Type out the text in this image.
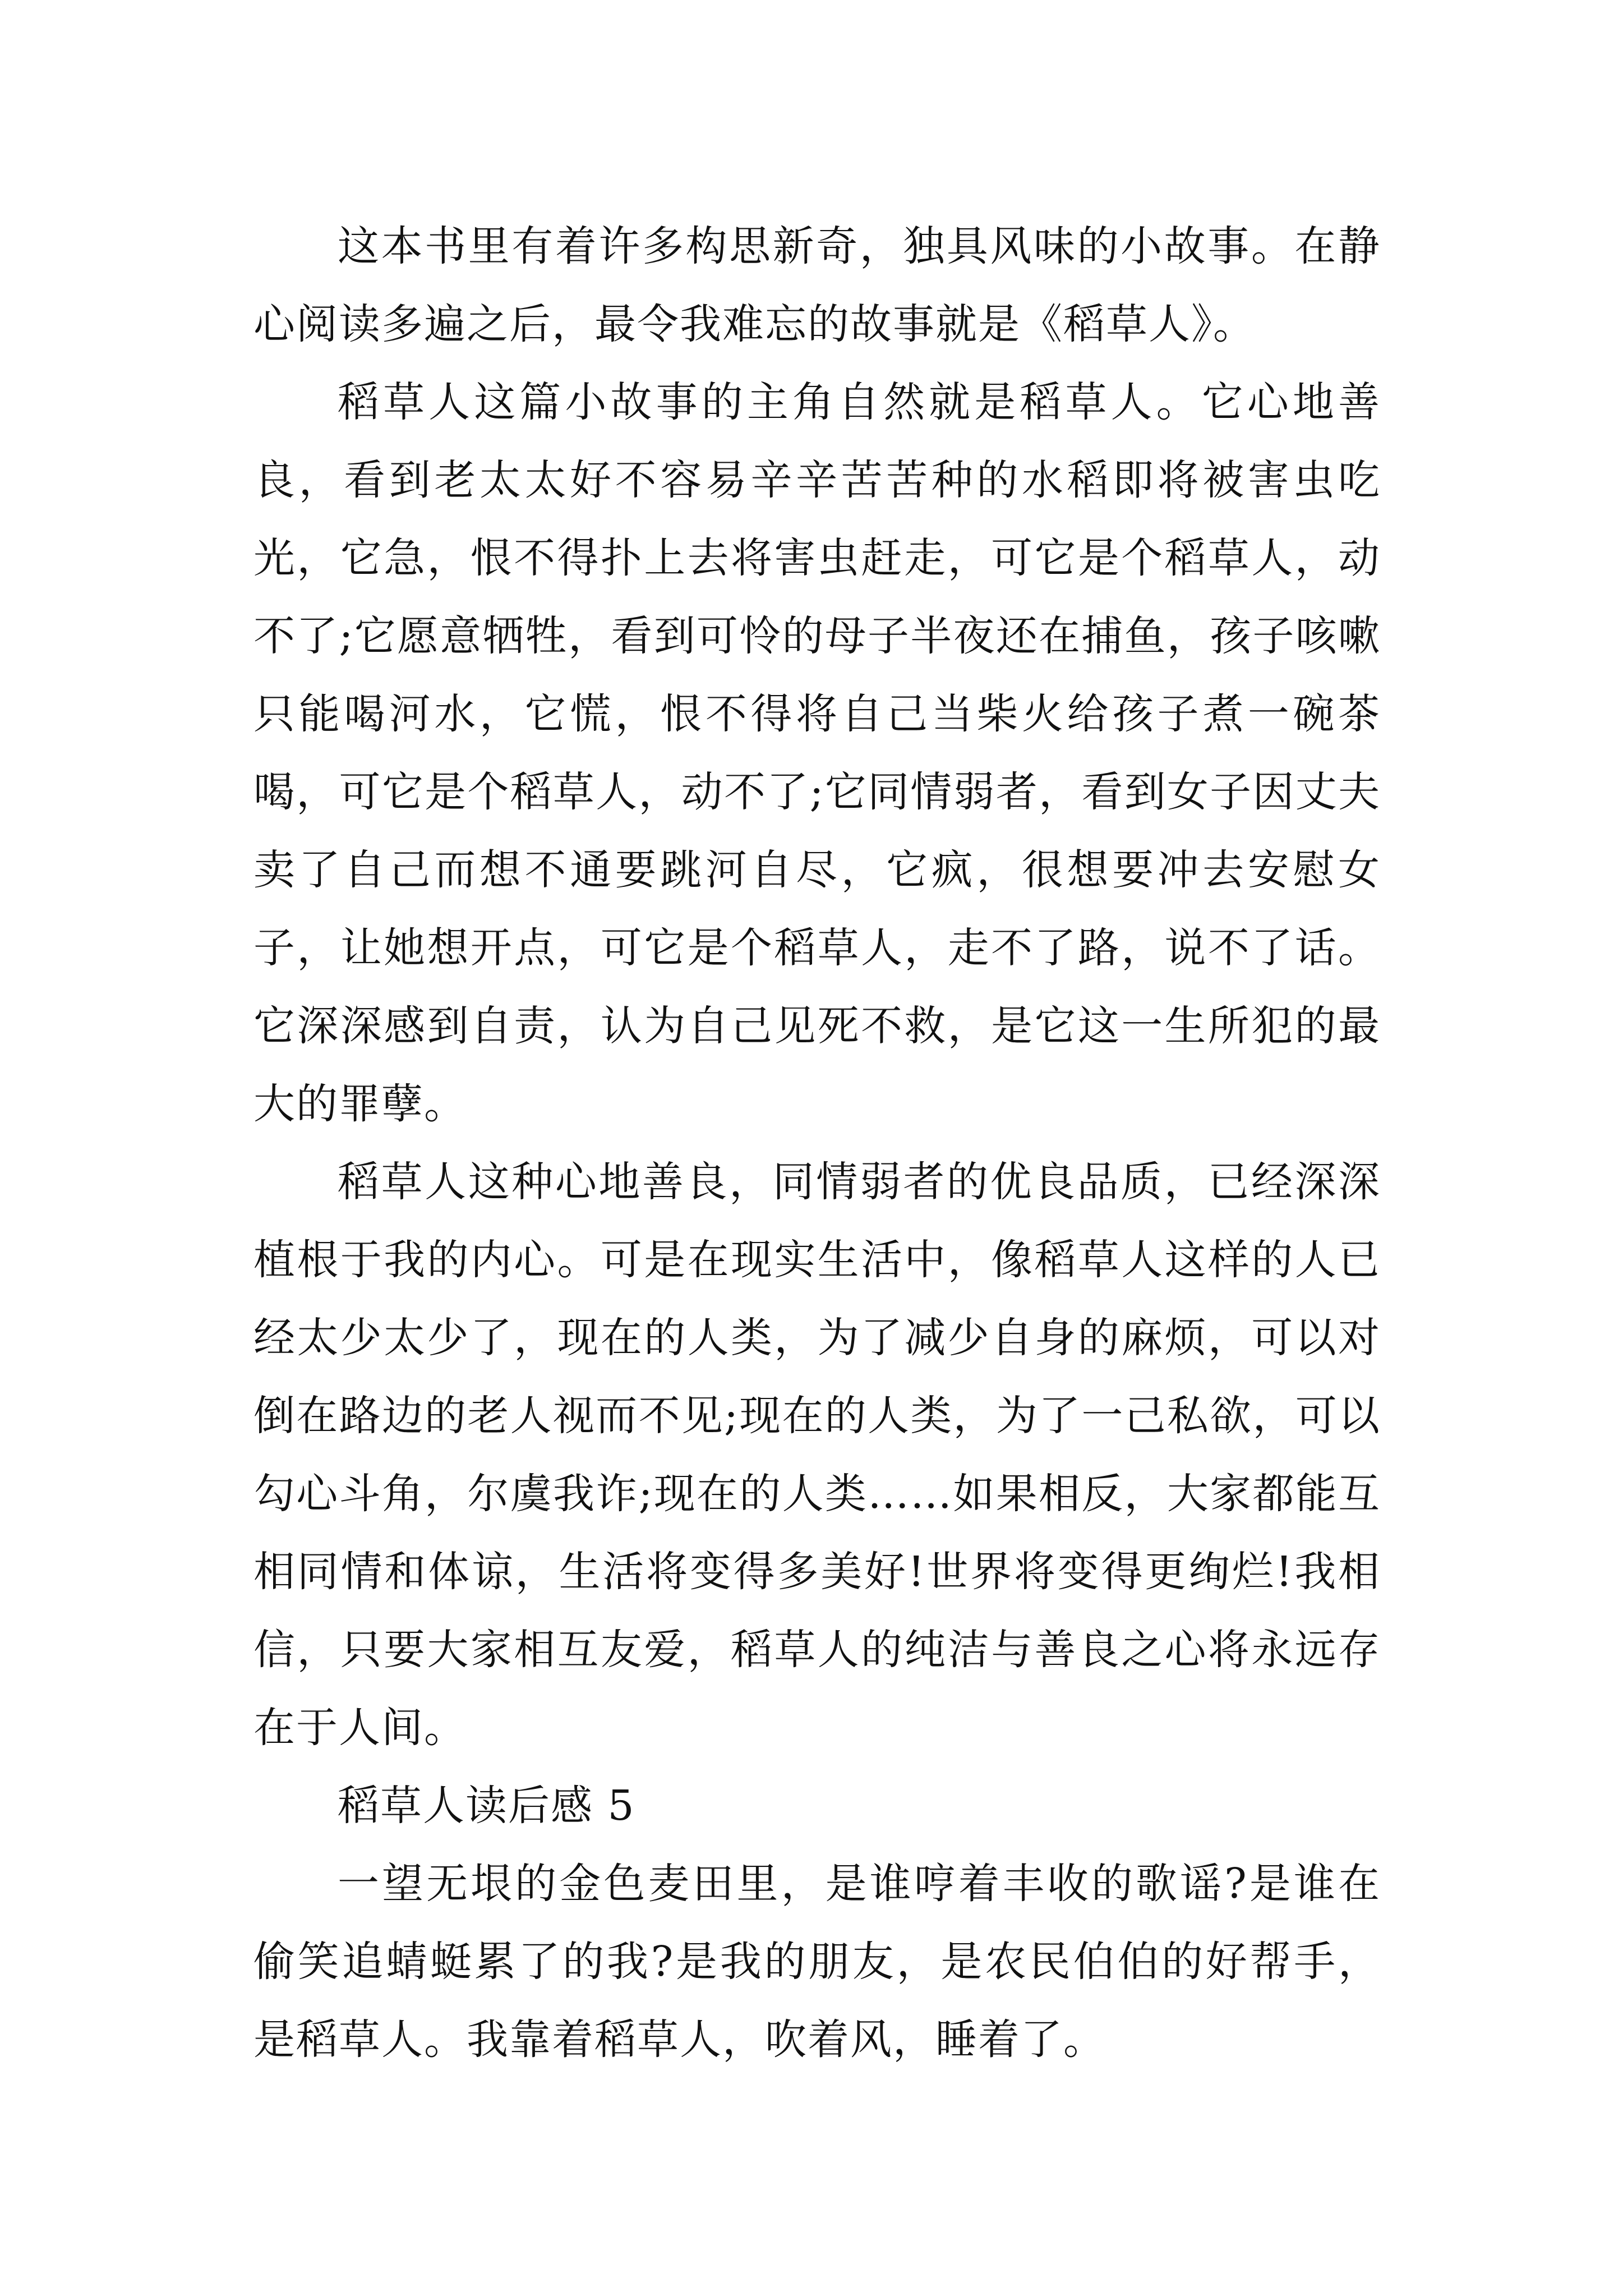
这本书里有着许多构思新奇，独具风味的小故事。在静心阅读多遍之后，最令我难忘的故事就是《稻草人》。

稻草人这篇小故事的主角自然就是稻草人。它心地善良，看到老太太好不容易辛辛苦苦种的水稻即将被害虫吃光，它急，恨不得扑上去将害虫赶走，可它是个稻草人，动不了;它愿意牺牲，看到可怜的母子半夜还在捕鱼，孩子咳嗽只能喝河水，它慌，恨不得将自己当柴火给孩子煮一碗茶喝，可它是个稻草人，动不了;它同情弱者，看到女子因丈夫卖了自己而想不通要跳河自尽，它疯，很想要冲去安慰女子，让她想开点，可它是个稻草人，走不了路，说不了话。它深深感到自责，认为自己见死不救，是它这一生所犯的最大的罪孽。

稻草人这种心地善良，同情弱者的优良品质，已经深深植根于我的内心。可是在现实生活中，像稻草人这样的人已经太少太少了，现在的人类，为了减少自身的麻烦，可以对倒在路边的老人视而不见;现在的人类，为了一己私欲，可以勾心斗角，尔虞我诈;现在的人类……如果相反，大家都能互相同情和体谅，生活将变得多美好!世界将变得更绚烂!我相信，只要大家相互友爱，稻草人的纯洁与善良之心将永远存在于人间。

稻草人读后感 5

一望无垠的金色麦田里，是谁哼着丰收的歌谣?是谁在偷笑追蜻蜓累了的我?是我的朋友，是农民伯伯的好帮手，是稻草人。我靠着稻草人，吹着风，睡着了。
